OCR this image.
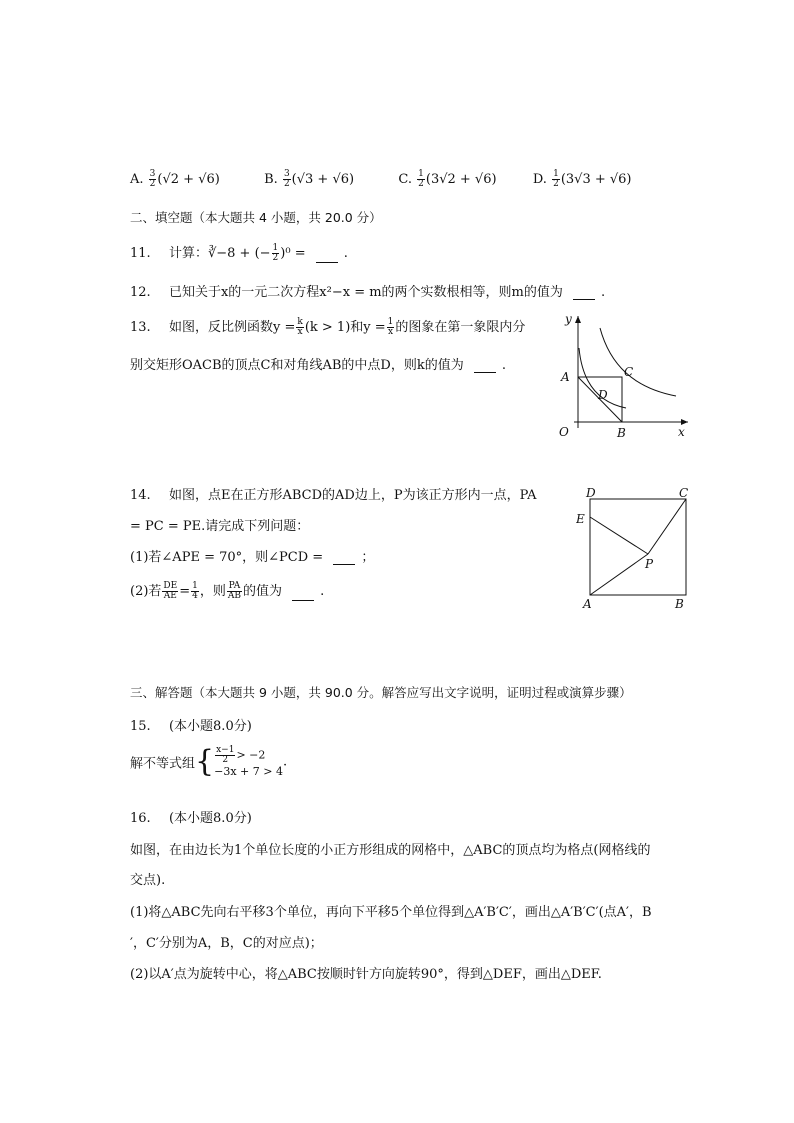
A. $\frac{3}{2} (√2 + √6)$	B. $\frac{3}{2} (√3 + √6)$	C. $\frac{1}{2} (3√2 + √6)$	D. $\frac{1}{2} (3√3 + √6)$
二、填空题（本大题共 4 小题，共 20.0 分）
11. 计算：∛−8 + (− $\frac{1}{2} )^0$ =	.
12. 已知关于x的一元二次方程x²−x = m的两个实数根相等，则m的值为	.
13. 如图，反比例函数$y = \frac{k}{x} (k > 1)$和$y = \frac{1}{x}$ 的图象在第一象限内分
别交矩形OACB的顶点C和对角线AB的中点D，则k的值为	.
y
x
O
A
B
C
D
14. 如图，点E在正方形ABCD的AD边上，P为该正方形内一点，PA
= PC = PE.请完成下列问题：
(1)若∠APE = 70°，则∠PCD =	；
(2)若 $\frac{DE}{AE} = \frac{1}{4}$ ，则 $\frac{PA}{AB}$ 的值为	.
D	C
E
P
A	B
三、解答题（本大题共 9 小题，共 90.0 分。解答应写出文字说明，证明过程或演算步骤）
15. (本小题8.0分)
解不等式组{ $\frac{x-1}{2} > -2$
−3x + 7 > 4
.
16. (本小题8.0分)
如图，在由边长为1个单位长度的小正方形组成的网格中，△ABC的顶点均为格点(网格线的
交点).
(1)将△ABC先向右平移3个单位，再向下平移5个单位得到△A′B′C′，画出△A′B′C′(点A′，B
′，C′分别为A，B，C的对应点)；
(2)以A′点为旋转中心，将△ABC按顺时针方向旋转90°，得到△DEF，画出△DEF.
